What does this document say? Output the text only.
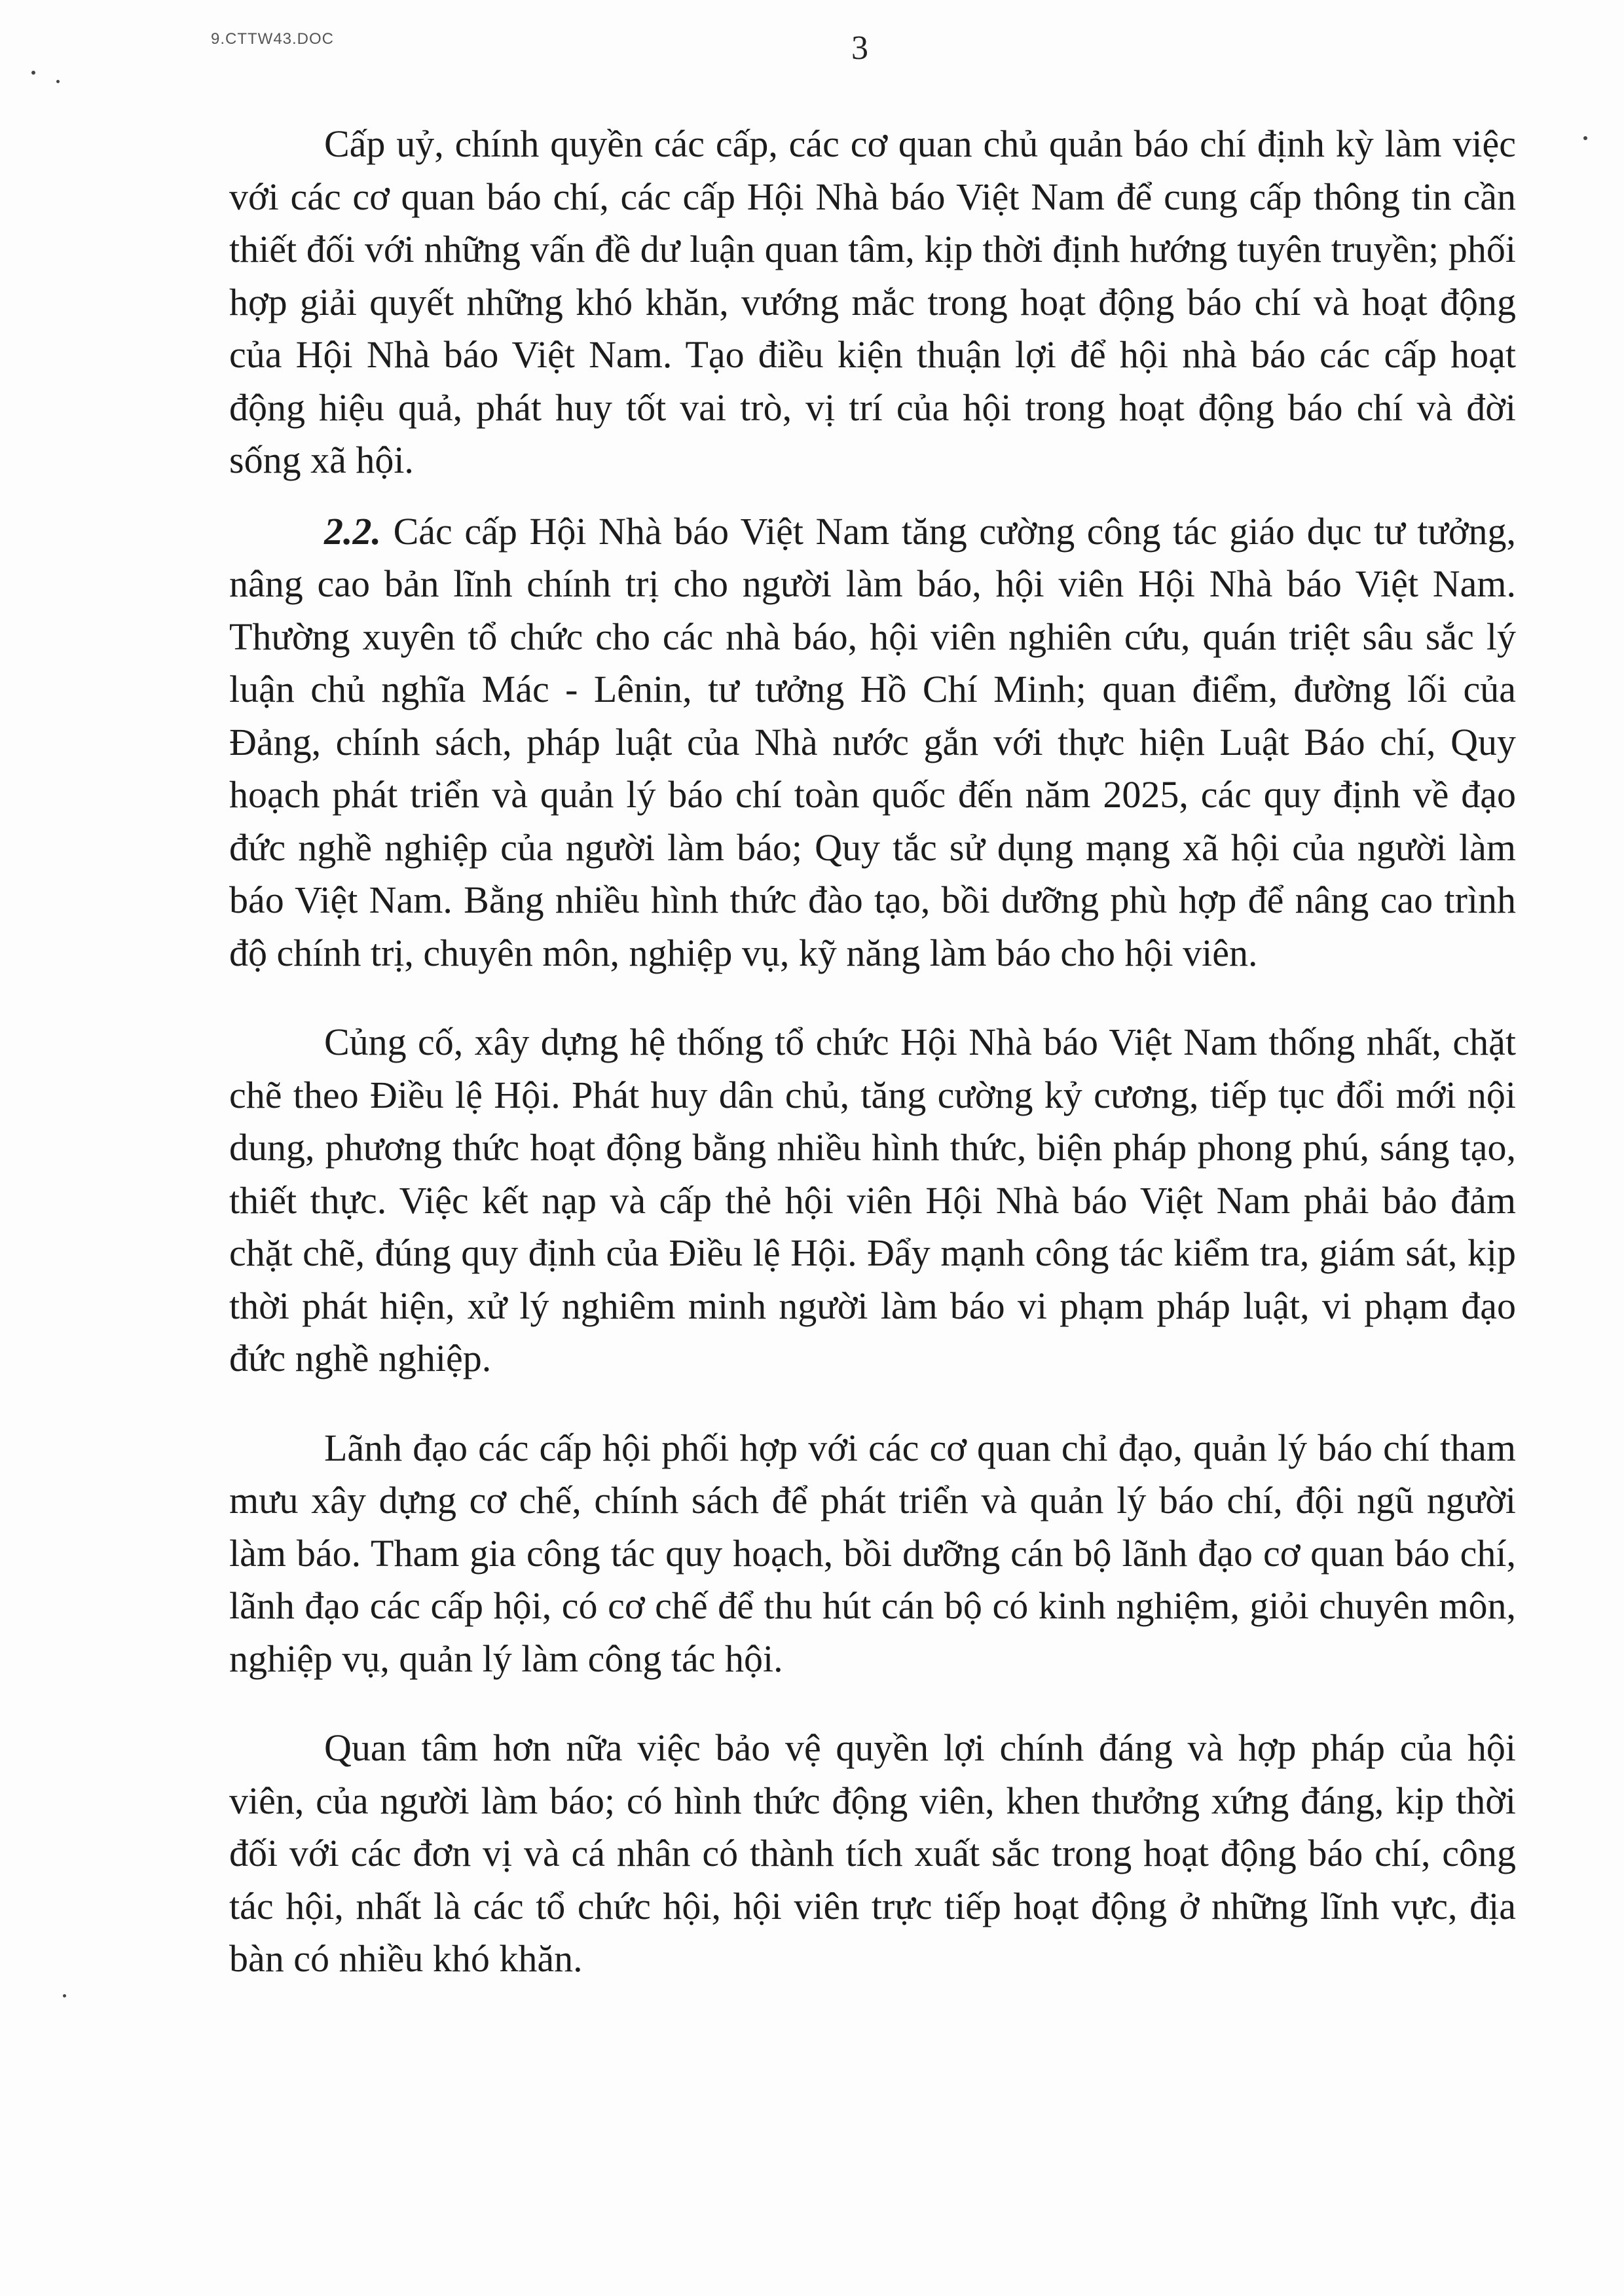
9.CTTW43.DOC	3

Cấp uỷ, chính quyền các cấp, các cơ quan chủ quản báo chí định kỳ làm việc với các cơ quan báo chí, các cấp Hội Nhà báo Việt Nam để cung cấp thông tin cần thiết đối với những vấn đề dư luận quan tâm, kịp thời định hướng tuyên truyền; phối hợp giải quyết những khó khăn, vướng mắc trong hoạt động báo chí và hoạt động của Hội Nhà báo Việt Nam. Tạo điều kiện thuận lợi để hội nhà báo các cấp hoạt động hiệu quả, phát huy tốt vai trò, vị trí của hội trong hoạt động báo chí và đời sống xã hội.

2.2. Các cấp Hội Nhà báo Việt Nam tăng cường công tác giáo dục tư tưởng, nâng cao bản lĩnh chính trị cho người làm báo, hội viên Hội Nhà báo Việt Nam. Thường xuyên tổ chức cho các nhà báo, hội viên nghiên cứu, quán triệt sâu sắc lý luận chủ nghĩa Mác - Lênin, tư tưởng Hồ Chí Minh; quan điểm, đường lối của Đảng, chính sách, pháp luật của Nhà nước gắn với thực hiện Luật Báo chí, Quy hoạch phát triển và quản lý báo chí toàn quốc đến năm 2025, các quy định về đạo đức nghề nghiệp của người làm báo; Quy tắc sử dụng mạng xã hội của người làm báo Việt Nam. Bằng nhiều hình thức đào tạo, bồi dưỡng phù hợp để nâng cao trình độ chính trị, chuyên môn, nghiệp vụ, kỹ năng làm báo cho hội viên.

Củng cố, xây dựng hệ thống tổ chức Hội Nhà báo Việt Nam thống nhất, chặt chẽ theo Điều lệ Hội. Phát huy dân chủ, tăng cường kỷ cương, tiếp tục đổi mới nội dung, phương thức hoạt động bằng nhiều hình thức, biện pháp phong phú, sáng tạo, thiết thực. Việc kết nạp và cấp thẻ hội viên Hội Nhà báo Việt Nam phải bảo đảm chặt chẽ, đúng quy định của Điều lệ Hội. Đẩy mạnh công tác kiểm tra, giám sát, kịp thời phát hiện, xử lý nghiêm minh người làm báo vi phạm pháp luật, vi phạm đạo đức nghề nghiệp.

Lãnh đạo các cấp hội phối hợp với các cơ quan chỉ đạo, quản lý báo chí tham mưu xây dựng cơ chế, chính sách để phát triển và quản lý báo chí, đội ngũ người làm báo. Tham gia công tác quy hoạch, bồi dưỡng cán bộ lãnh đạo cơ quan báo chí, lãnh đạo các cấp hội, có cơ chế để thu hút cán bộ có kinh nghiệm, giỏi chuyên môn, nghiệp vụ, quản lý làm công tác hội.

Quan tâm hơn nữa việc bảo vệ quyền lợi chính đáng và hợp pháp của hội viên, của người làm báo; có hình thức động viên, khen thưởng xứng đáng, kịp thời đối với các đơn vị và cá nhân có thành tích xuất sắc trong hoạt động báo chí, công tác hội, nhất là các tổ chức hội, hội viên trực tiếp hoạt động ở những lĩnh vực, địa bàn có nhiều khó khăn.
